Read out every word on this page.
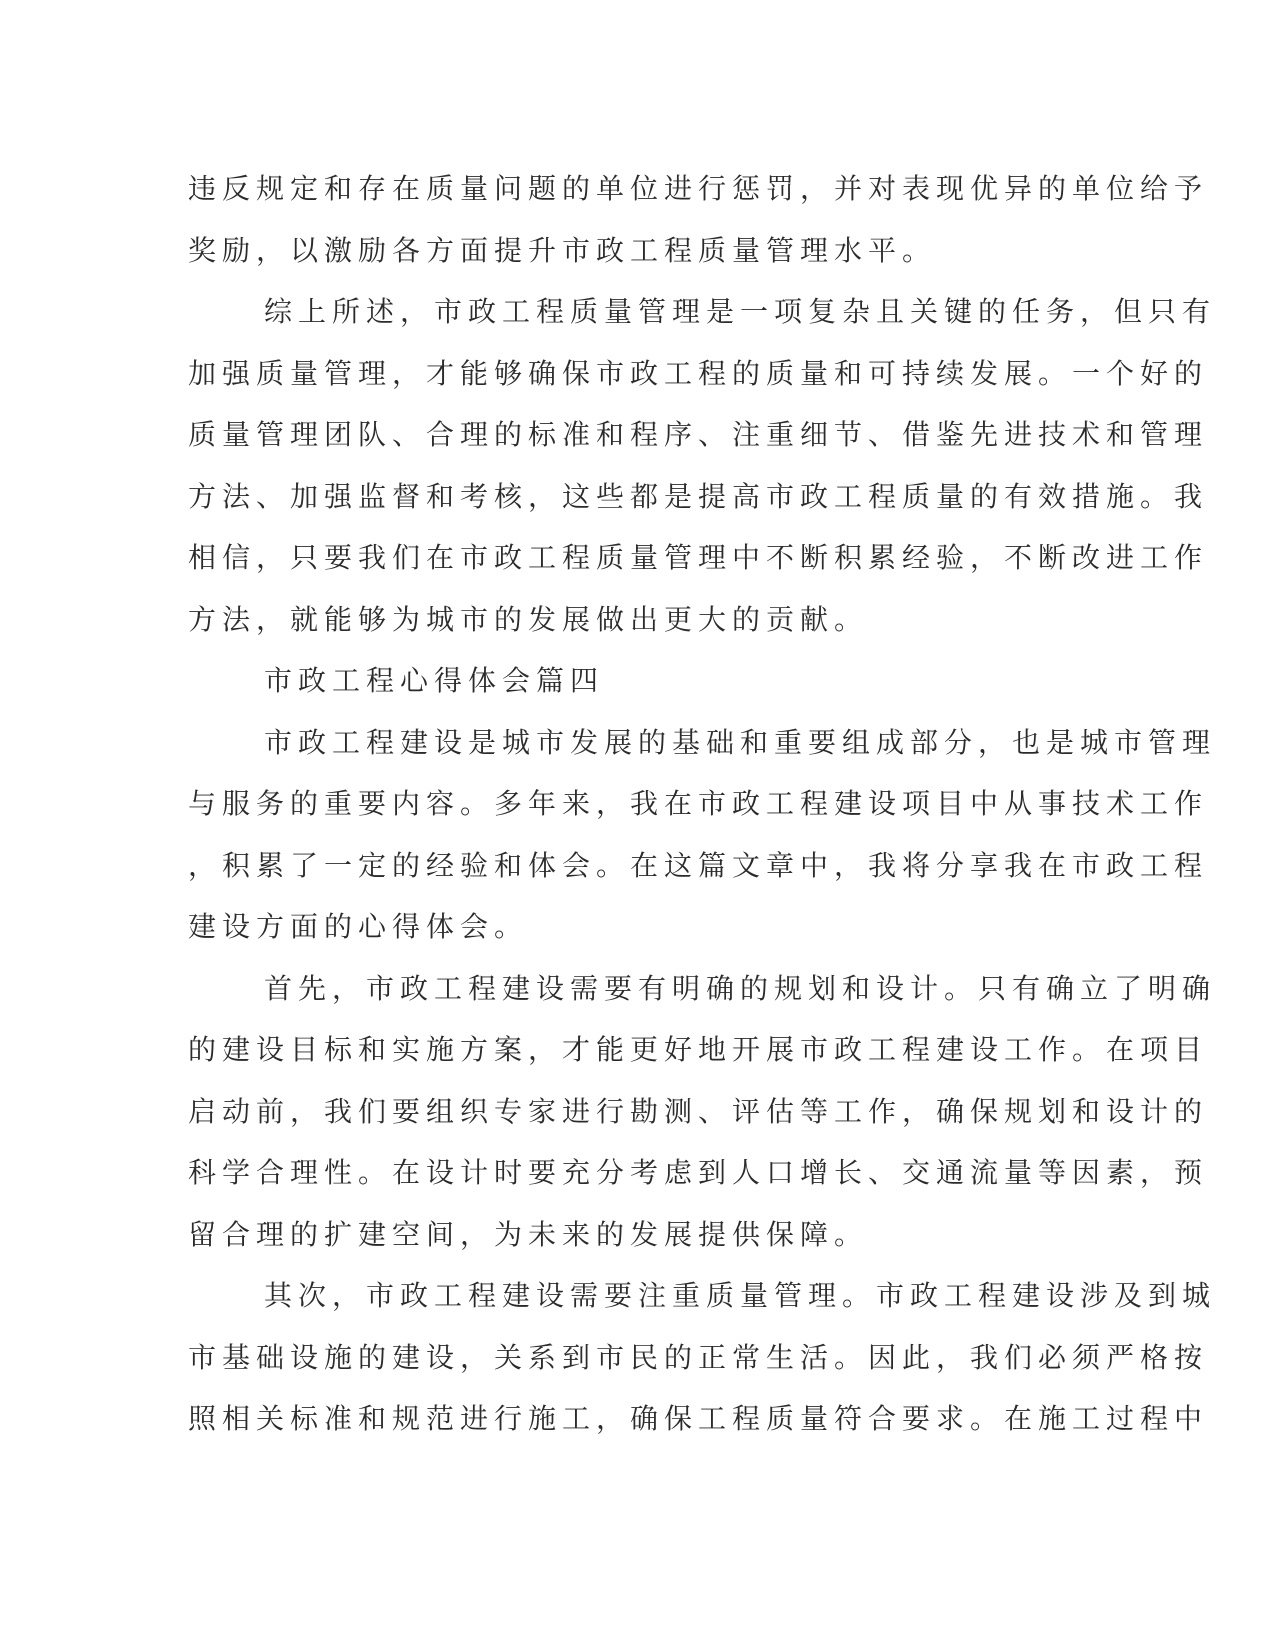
违反规定和存在质量问题的单位进行惩罚，并对表现优异的单位给予
奖励，以激励各方面提升市政工程质量管理水平。
综上所述，市政工程质量管理是一项复杂且关键的任务，但只有
加强质量管理，才能够确保市政工程的质量和可持续发展。一个好的
质量管理团队、合理的标准和程序、注重细节、借鉴先进技术和管理
方法、加强监督和考核，这些都是提高市政工程质量的有效措施。我
相信，只要我们在市政工程质量管理中不断积累经验，不断改进工作
方法，就能够为城市的发展做出更大的贡献。
市政工程心得体会篇四
市政工程建设是城市发展的基础和重要组成部分，也是城市管理
与服务的重要内容。多年来，我在市政工程建设项目中从事技术工作
，积累了一定的经验和体会。在这篇文章中，我将分享我在市政工程
建设方面的心得体会。
首先，市政工程建设需要有明确的规划和设计。只有确立了明确
的建设目标和实施方案，才能更好地开展市政工程建设工作。在项目
启动前，我们要组织专家进行勘测、评估等工作，确保规划和设计的
科学合理性。在设计时要充分考虑到人口增长、交通流量等因素，预
留合理的扩建空间，为未来的发展提供保障。
其次，市政工程建设需要注重质量管理。市政工程建设涉及到城
市基础设施的建设，关系到市民的正常生活。因此，我们必须严格按
照相关标准和规范进行施工，确保工程质量符合要求。在施工过程中
